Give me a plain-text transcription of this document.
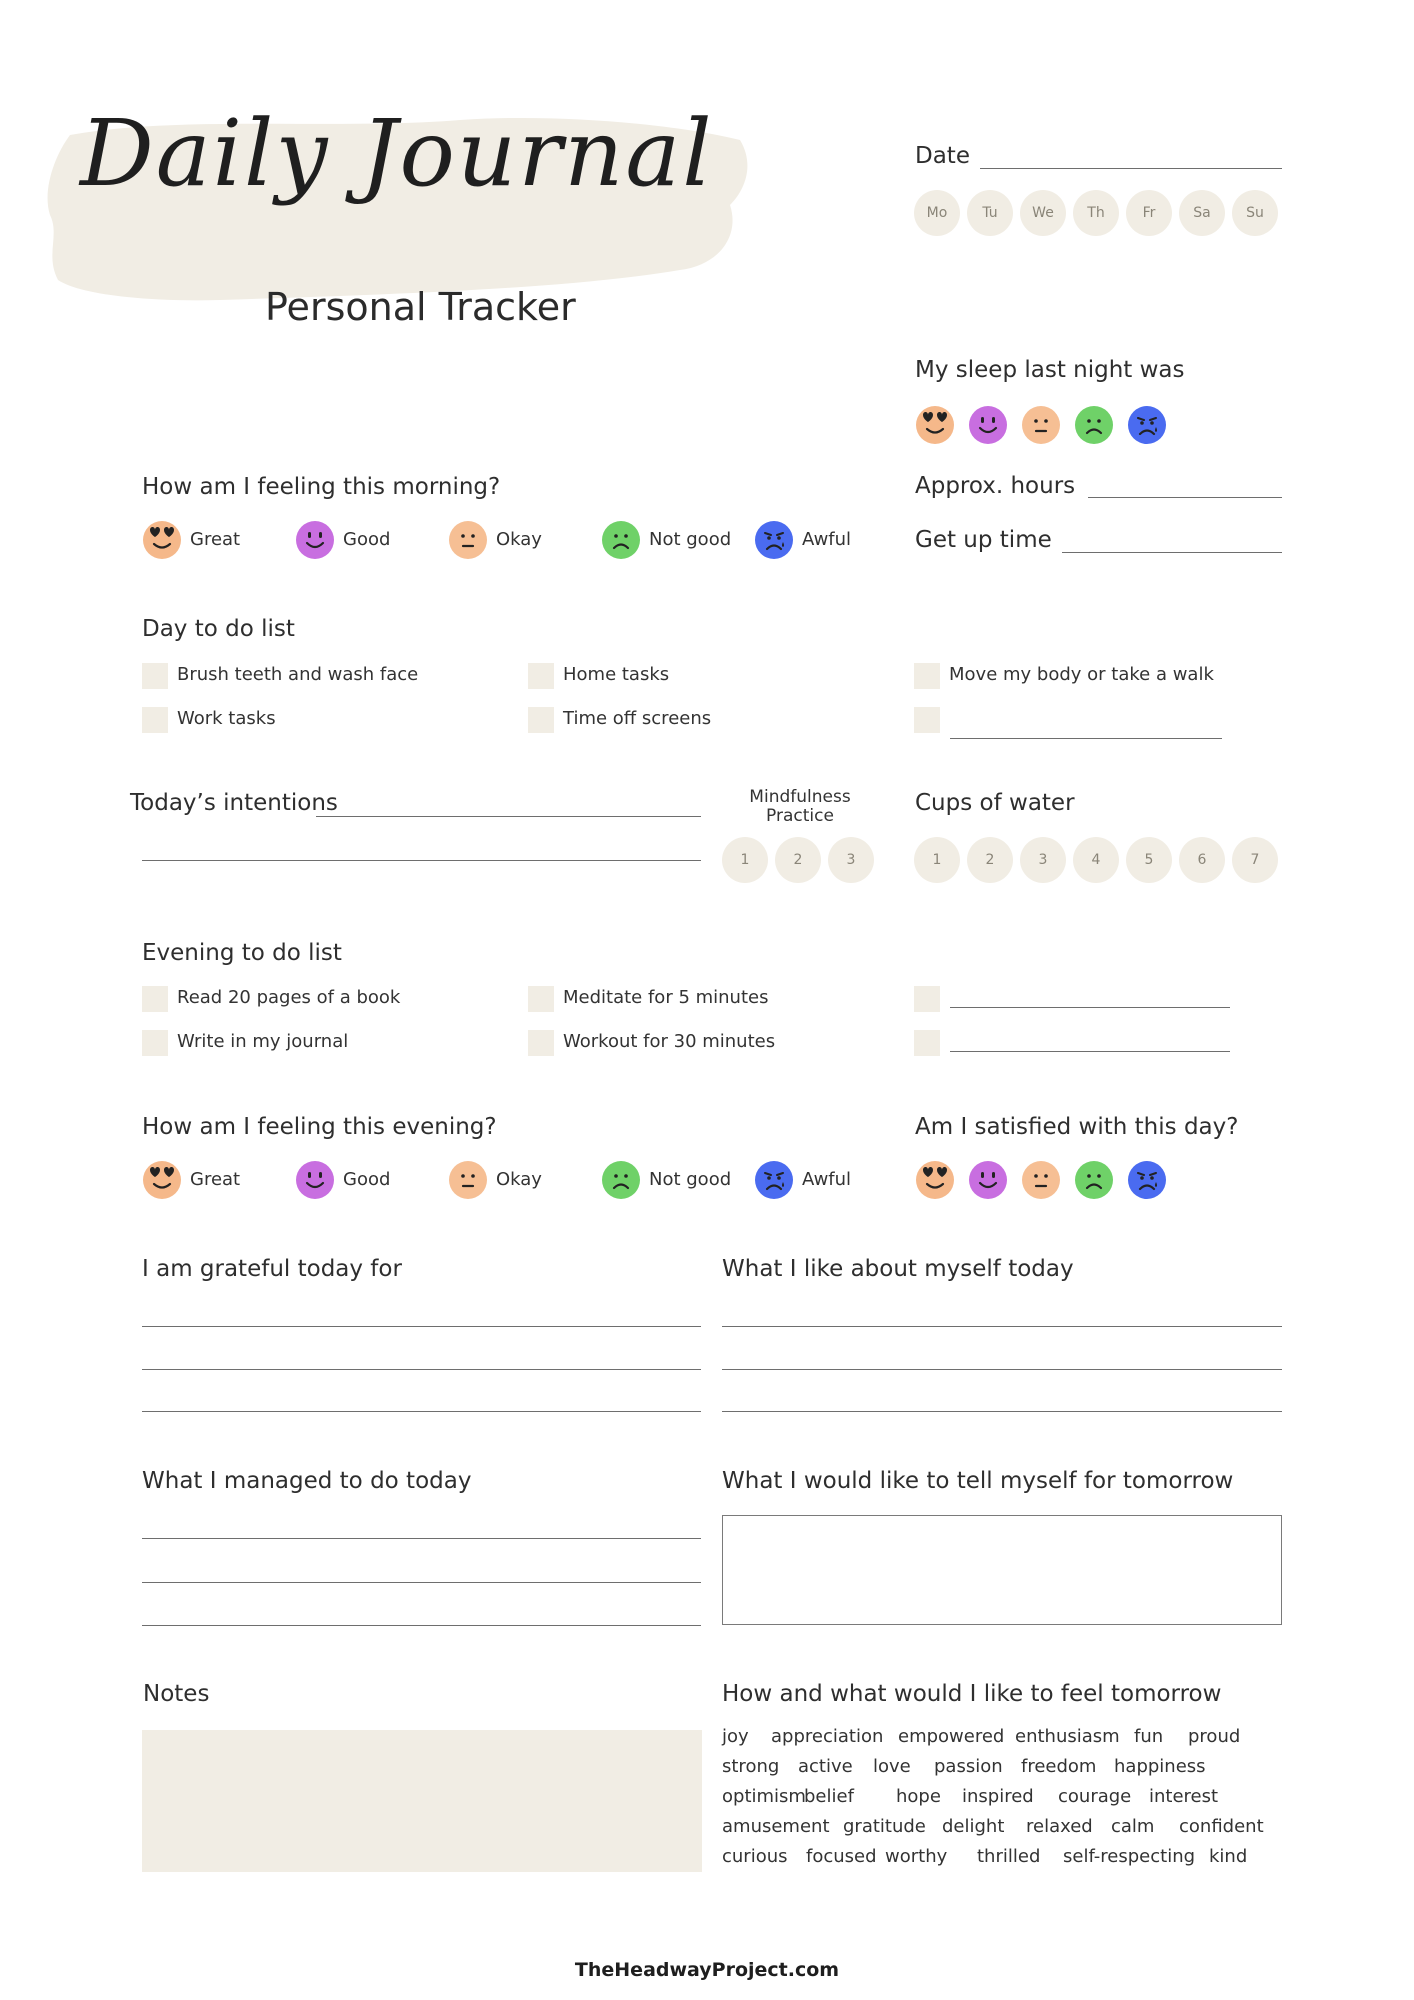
Daily Journal
Personal Tracker
Date
My sleep last night was
Approx. hours
Get up time
How am I feeling this morning?
Day to do list
Today’s intentions	Mindfulness
Practice	Cups of water
Evening to do list
How am I feeling this evening?	Am I satisfied with this day?
I am grateful today for	What I like about myself today
What I managed to do today	What I would like to tell myself for tomorrow
Notes	How and what would I like to feel tomorrow
TheHeadwayProject.com
Mo	Tu	We	Th	Fr	Sa	Su
1	2	3	1	2	3	4	5	6	7
Great	Good	Okay	Not good	Awful
Great	Good	Okay	Not good	Awful
Brush teeth and wash face	Home tasks	Move my body or take a walk
Work tasks	Time off screens
Read 20 pages of a book	Meditate for 5 minutes
Write in my journal	Workout for 30 minutes
joy appreciation empowered enthusiasm fun proud
strong active love passion freedom happiness
optimism
belief hope inspired courage interest
amusement gratitude delight relaxed calm confident
curious focused worthy thrilled self-respecting kind
